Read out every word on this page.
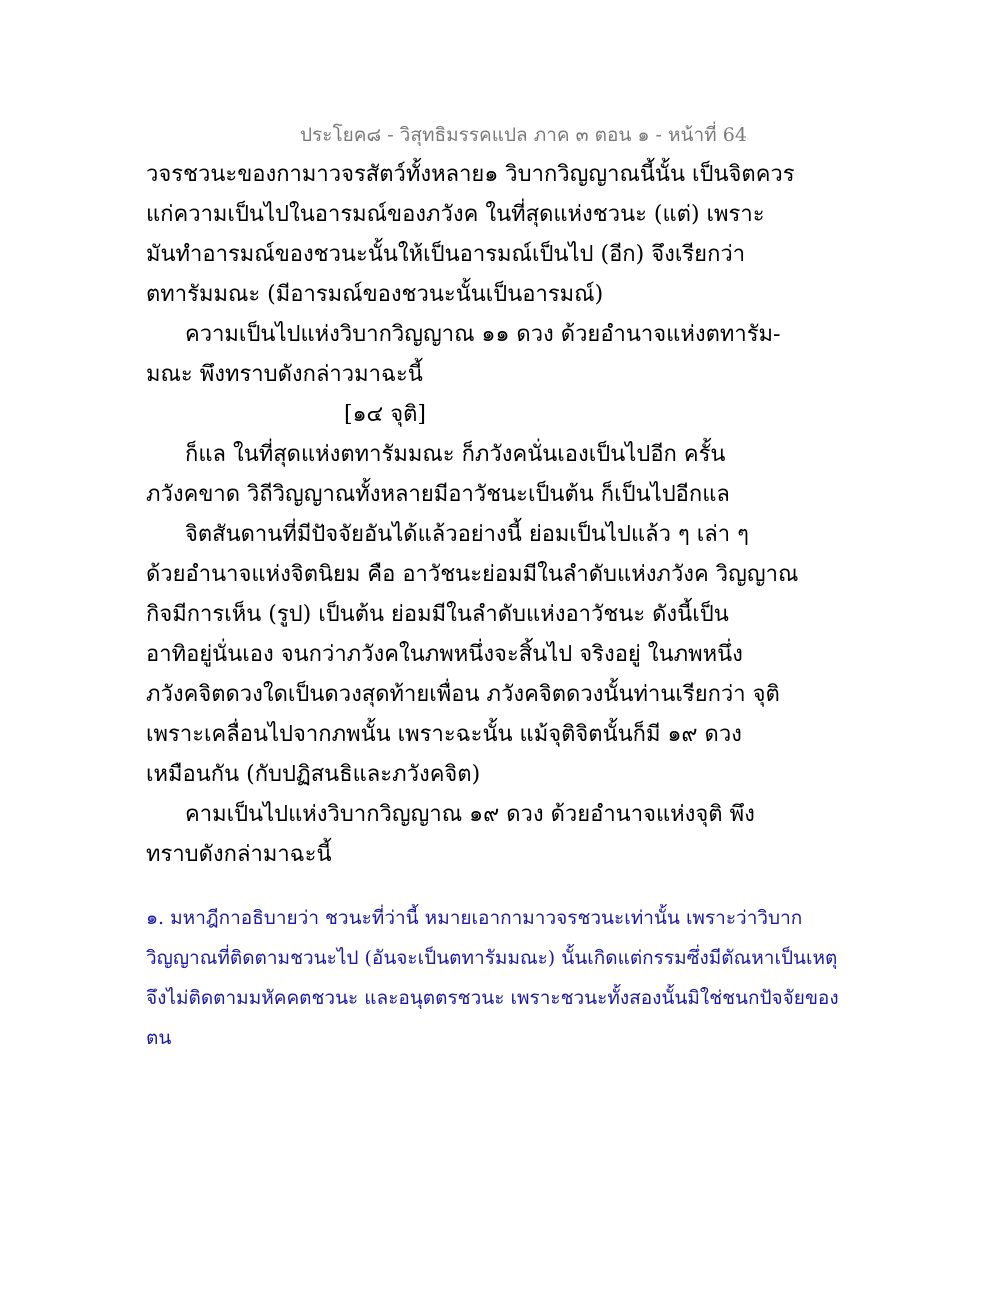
ประโยค๘ - วิสุทธิมรรคแปล ภาค ๓ ตอน ๑ - หน้าที่ 64
วจรชวนะของกามาวจรสัตว์ทั้งหลาย๑ วิบากวิญญาณนี้นั้น เป็นจิตควร
แก่ความเป็นไปในอารมณ์ของภวังค ในที่สุดแห่งชวนะ (แต่) เพราะ
มันทำอารมณ์ของชวนะนั้นให้เป็นอารมณ์เป็นไป (อีก) จึงเรียกว่า
ตทารัมมณะ (มีอารมณ์ของชวนะนั้นเป็นอารมณ์)
ความเป็นไปแห่งวิบากวิญญาณ ๑๑ ดวง ด้วยอำนาจแห่งตทารัม-
มณะ พึงทราบดังกล่าวมาฉะนี้
[๑๔ จุติ]
ก็แล ในที่สุดแห่งตทารัมมณะ ก็ภวังคนั่นเองเป็นไปอีก ครั้น
ภวังคขาด วิถีวิญญาณทั้งหลายมีอาวัชนะเป็นต้น ก็เป็นไปอีกแล
จิตสันดานที่มีปัจจัยอันได้แล้วอย่างนี้ ย่อมเป็นไปแล้ว ๆ เล่า ๆ
ด้วยอำนาจแห่งจิตนิยม คือ อาวัชนะย่อมมีในลำดับแห่งภวังค วิญญาณ
กิจมีการเห็น (รูป) เป็นต้น ย่อมมีในลำดับแห่งอาวัชนะ ดังนี้เป็น
อาทิอยู่นั่นเอง จนกว่าภวังคในภพหนึ่งจะสิ้นไป จริงอยู่ ในภพหนึ่ง
ภวังคจิตดวงใดเป็นดวงสุดท้ายเพื่อน ภวังคจิตดวงนั้นท่านเรียกว่า จุติ
เพราะเคลื่อนไปจากภพนั้น เพราะฉะนั้น แม้จุติจิตนั้นก็มี ๑๙ ดวง
เหมือนกัน (กับปฏิสนธิและภวังคจิต)
คามเป็นไปแห่งวิบากวิญญาณ ๑๙ ดวง ด้วยอำนาจแห่งจุติ พึง
ทราบดังกล่ามาฉะนี้
๑. มหาฎีกาอธิบายว่า ชวนะที่ว่านี้ หมายเอากามาวจรชวนะเท่านั้น เพราะว่าวิบาก
วิญญาณที่ติดตามชวนะไป (อันจะเป็นตทารัมมณะ) นั้นเกิดแต่กรรมซึ่งมีตัณหาเป็นเหตุ
จึงไม่ติดตามมหัคคตชวนะ และอนุตตรชวนะ เพราะชวนะทั้งสองนั้นมิใช่ชนกปัจจัยของ
ตน
